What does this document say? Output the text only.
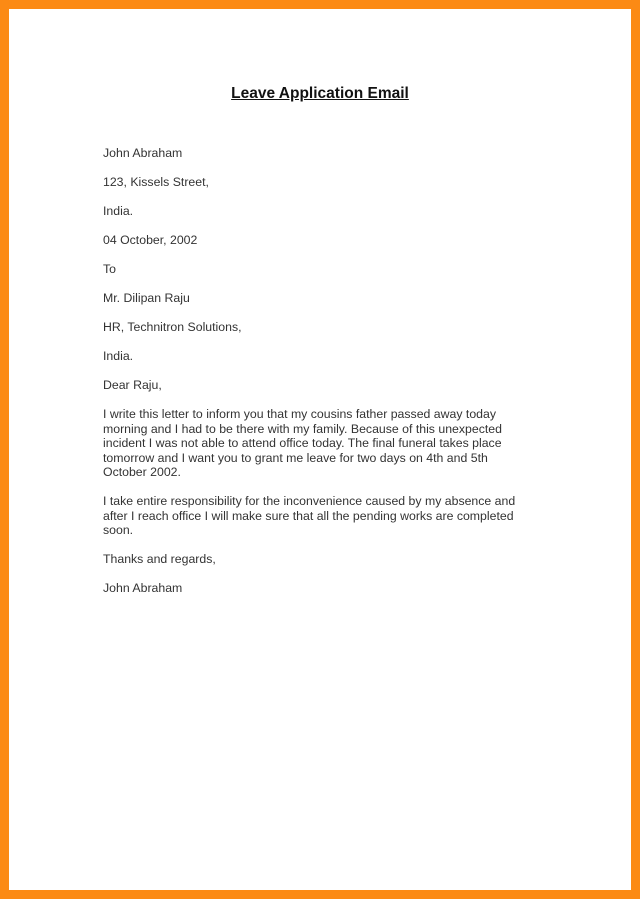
Leave Application Email
John Abraham
123, Kissels Street,
India.
04 October, 2002
To
Mr. Dilipan Raju
HR, Technitron Solutions,
India.
Dear Raju,
I write this letter to inform you that my cousins father passed away today
morning and I had to be there with my family. Because of this unexpected
incident I was not able to attend office today. The final funeral takes place
tomorrow and I want you to grant me leave for two days on 4th and 5th
October 2002.
I take entire responsibility for the inconvenience caused by my absence and
after I reach office I will make sure that all the pending works are completed
soon.
Thanks and regards,
John Abraham
